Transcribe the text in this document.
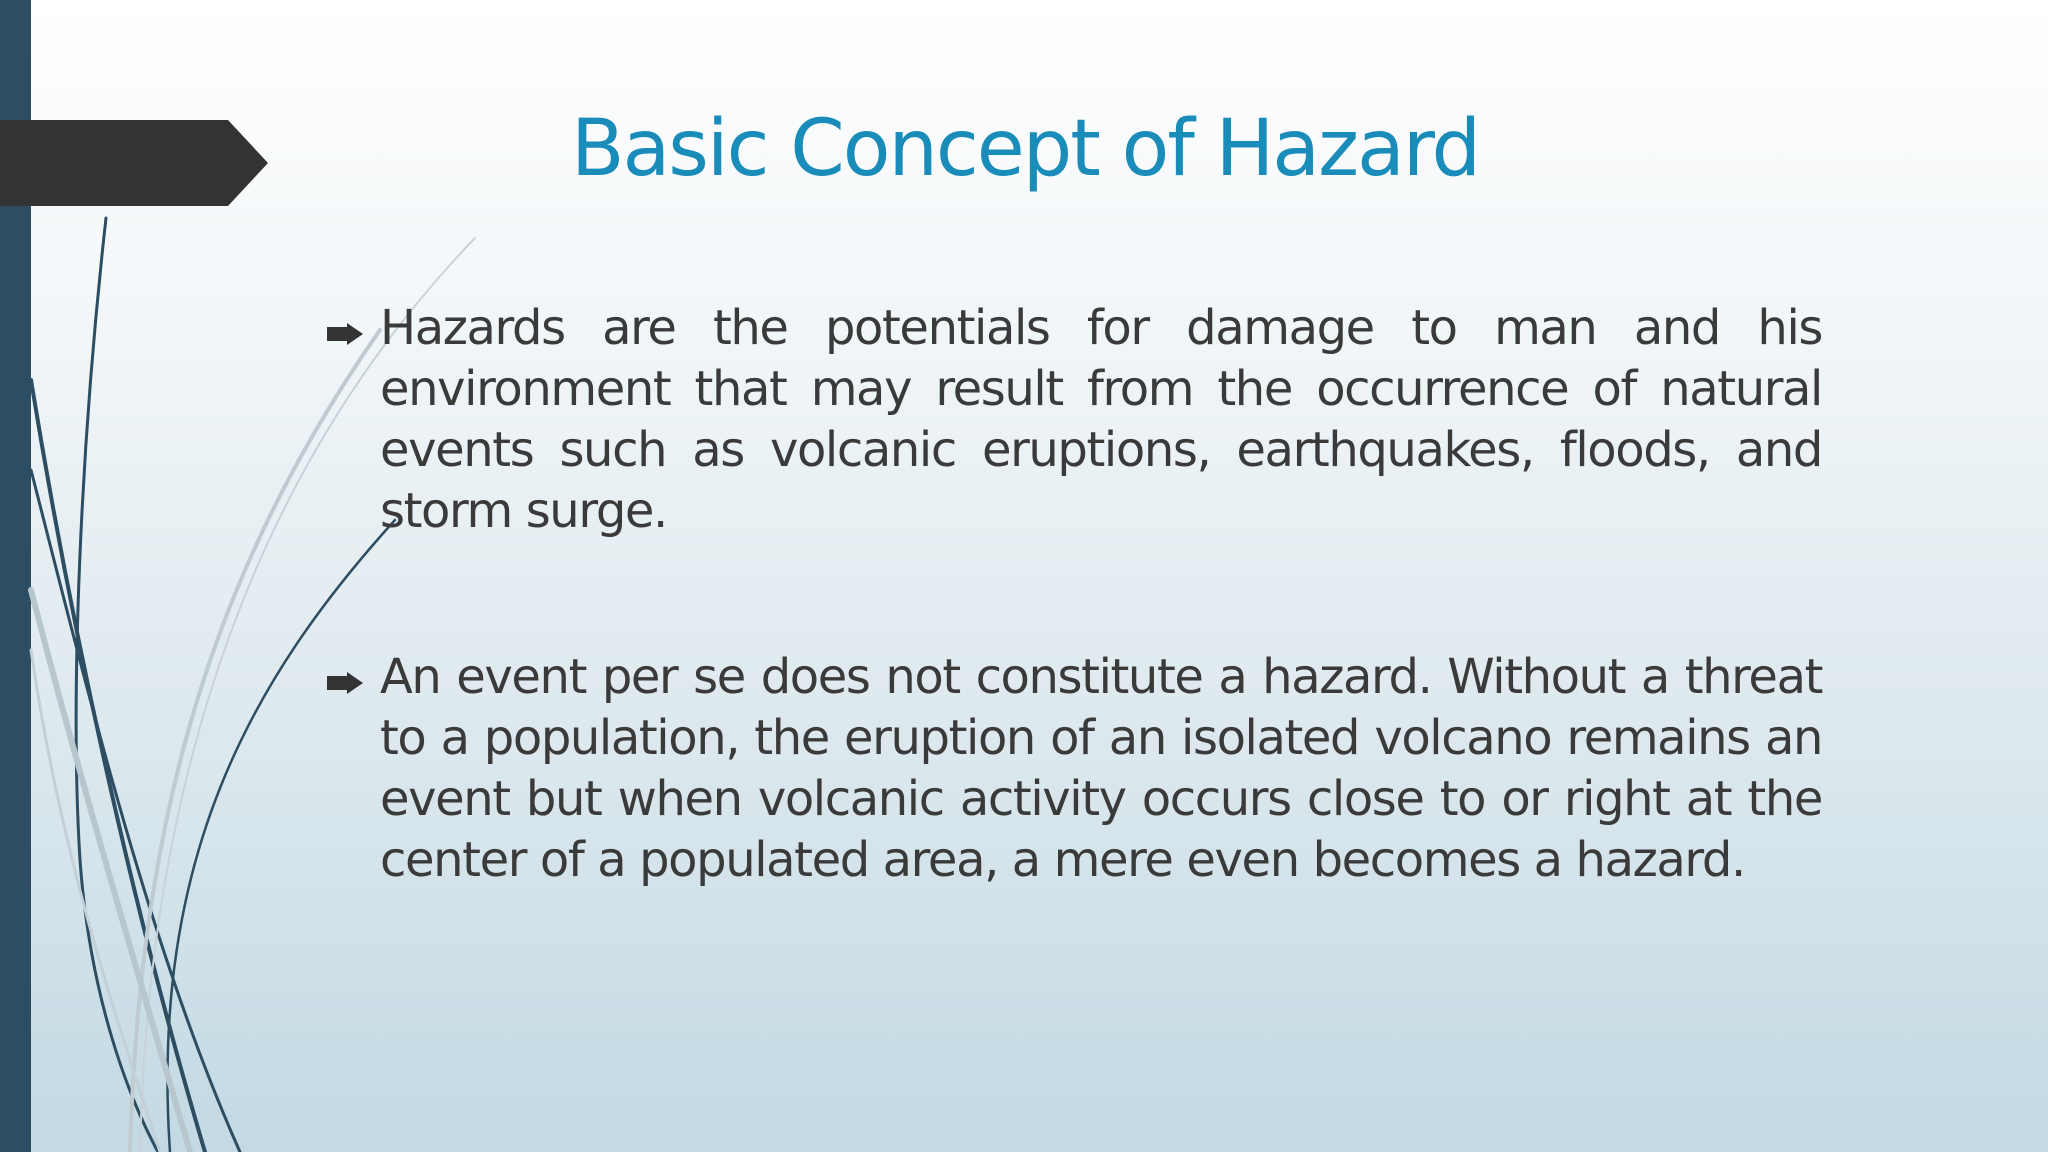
Basic Concept of Hazard

Hazards are the potentials for damage to man and his environment that may result from the occurrence of natural events such as volcanic eruptions, earthquakes, floods, and storm surge.

An event per se does not constitute a hazard. Without a threat to a population, the eruption of an isolated volcano remains an event but when volcanic activity occurs close to or right at the center of a populated area, a mere even becomes a hazard.
